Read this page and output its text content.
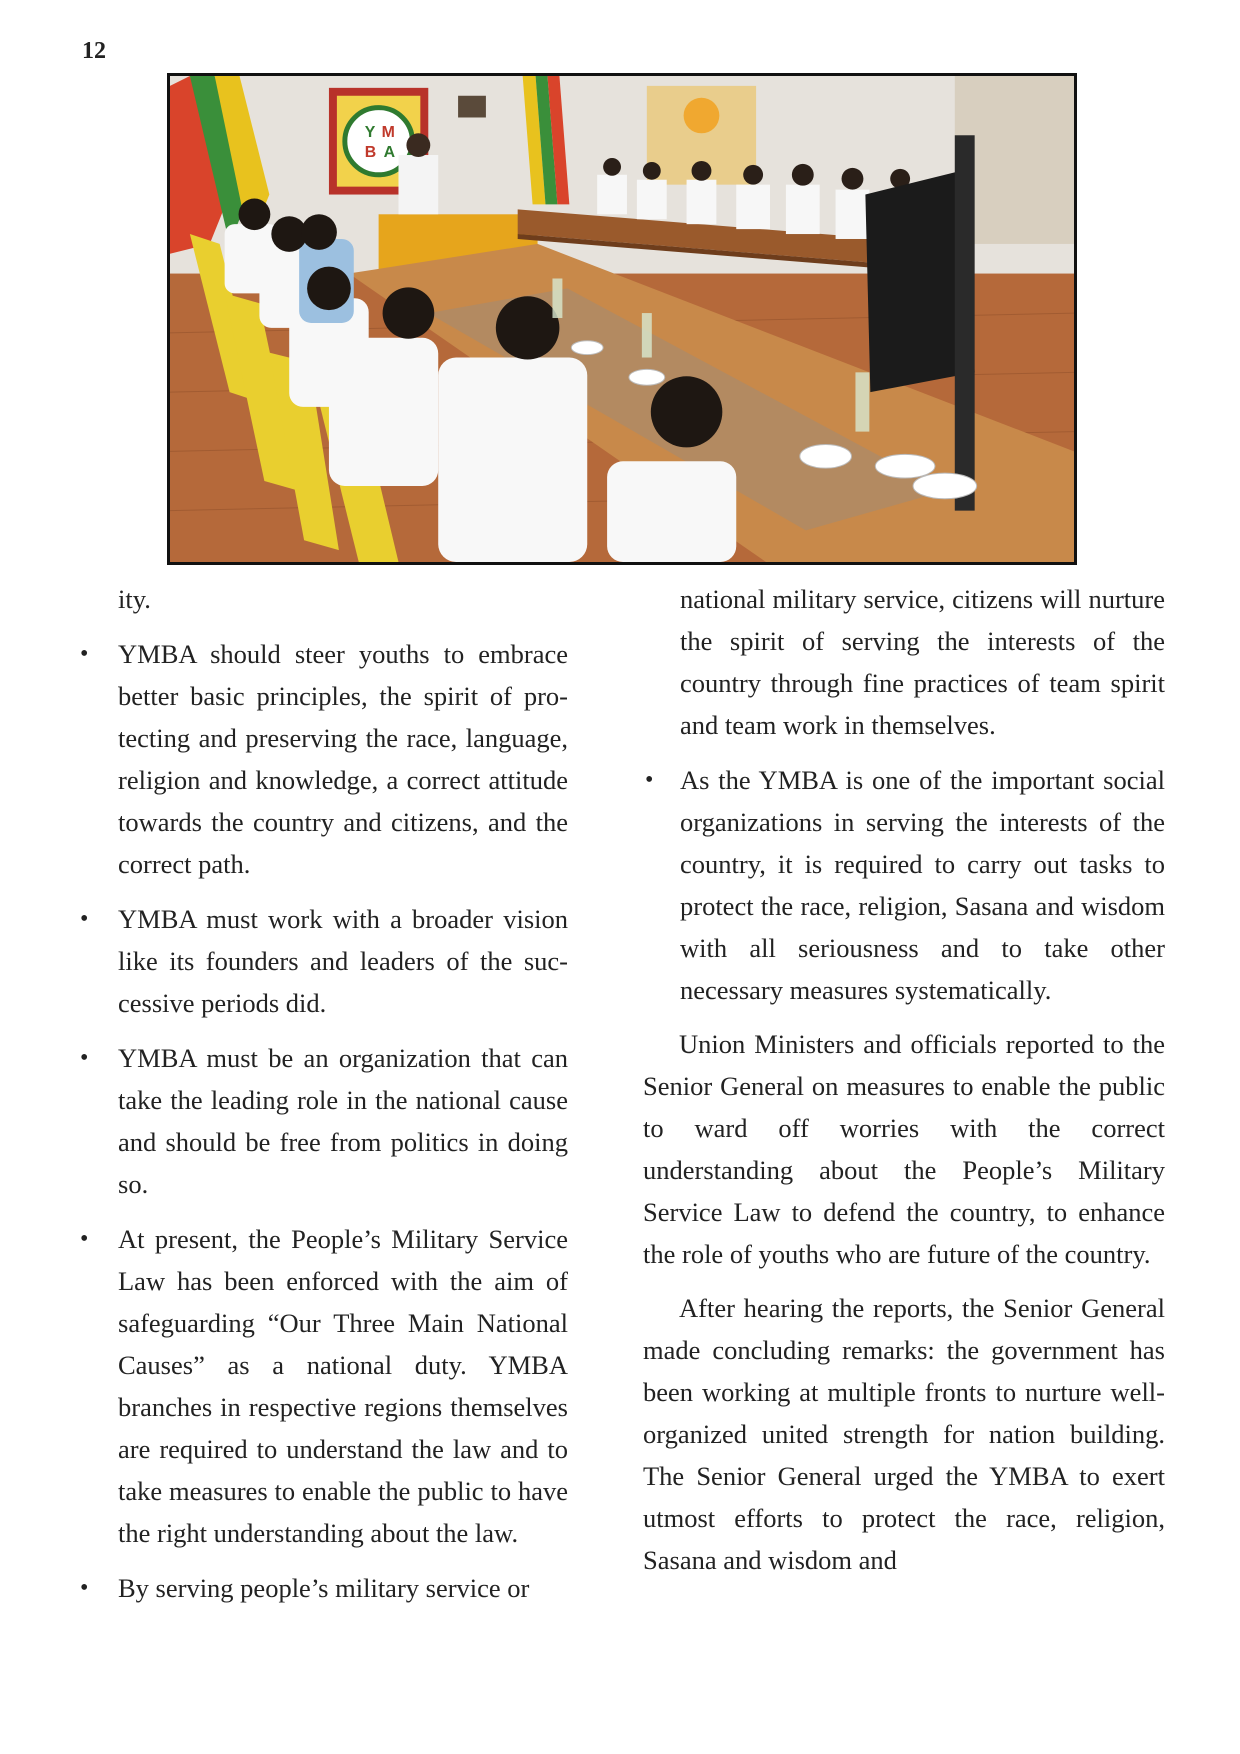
12
Y M
B A

ity.

• YMBA should steer youths to embrace better basic principles, the spirit of protecting and preserving the race, language, religion and knowledge, a correct attitude towards the country and citizens, and the correct path.
• YMBA must work with a broader vision like its founders and leaders of the successive periods did.
• YMBA must be an organization that can take the leading role in the national cause and should be free from politics in doing so.
• At present, the People’s Military Service Law has been enforced with the aim of safeguarding “Our Three Main National Causes” as a national duty. YMBA branches in respective regions themselves are required to understand the law and to take measures to enable the public to have the right understanding about the law.
• By serving people’s military service or

national military service, citizens will nurture the spirit of serving the interests of the country through fine practices of team spirit and team work in themselves.

• As the YMBA is one of the important social organizations in serving the interests of the country, it is required to carry out tasks to protect the race, religion, Sasana and wisdom with all seriousness and to take other necessary measures systematically.

Union Ministers and officials reported to the Senior General on measures to enable the public to ward off worries with the correct understanding about the People’s Military Service Law to defend the country, to enhance the role of youths who are future of the country.

After hearing the reports, the Senior General made concluding remarks: the government has been working at multiple fronts to nurture well-organized united strength for nation building. The Senior General urged the YMBA to exert utmost efforts to protect the race, religion, Sasana and wisdom and
